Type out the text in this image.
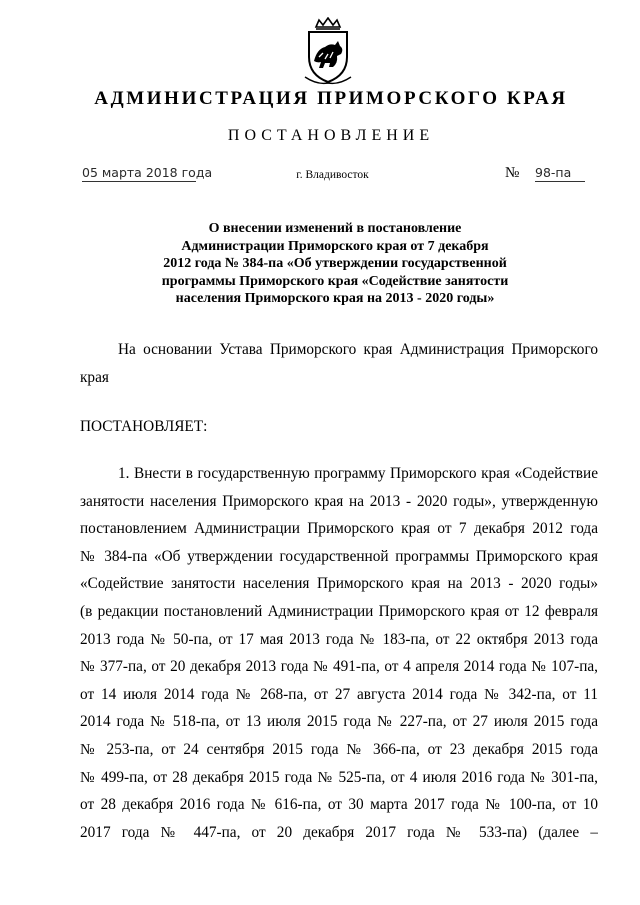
АДМИНИСТРАЦИЯ ПРИМОРСКОГО КРАЯ
ПОСТАНОВЛЕНИЕ
05 марта 2018 года	г. Владивосток	№ 98-па
О внесении изменений в постановление
Администрации Приморского края от 7 декабря
2012 года № 384-па «Об утверждении государственной
программы Приморского края «Содействие занятости
населения Приморского края на 2013 - 2020 годы»
На основании Устава Приморского края Администрация Приморского
края
ПОСТАНОВЛЯЕТ:
1. Внести в государственную программу Приморского края «Содействие
занятости населения Приморского края на 2013 - 2020 годы», утвержденную
постановлением Администрации Приморского края от 7 декабря 2012 года
№ 384-па «Об утверждении государственной программы Приморского края
«Содействие занятости населения Приморского края на 2013 - 2020 годы»
(в редакции постановлений Администрации Приморского края от 12 февраля
2013 года № 50-па, от 17 мая 2013 года № 183-па, от 22 октября 2013 года
№ 377-па, от 20 декабря 2013 года № 491-па, от 4 апреля 2014 года № 107-па,
от 14 июля 2014 года № 268-па, от 27 августа 2014 года № 342-па, от 11
2014 года № 518-па, от 13 июля 2015 года № 227-па, от 27 июля 2015 года
№ 253-па, от 24 сентября 2015 года № 366-па, от 23 декабря 2015 года
№ 499-па, от 28 декабря 2015 года № 525-па, от 4 июля 2016 года № 301-па,
от 28 декабря 2016 года № 616-па, от 30 марта 2017 года № 100-па, от 10
2017 года № 447-па, от 20 декабря 2017 года № 533-па) (далее –
